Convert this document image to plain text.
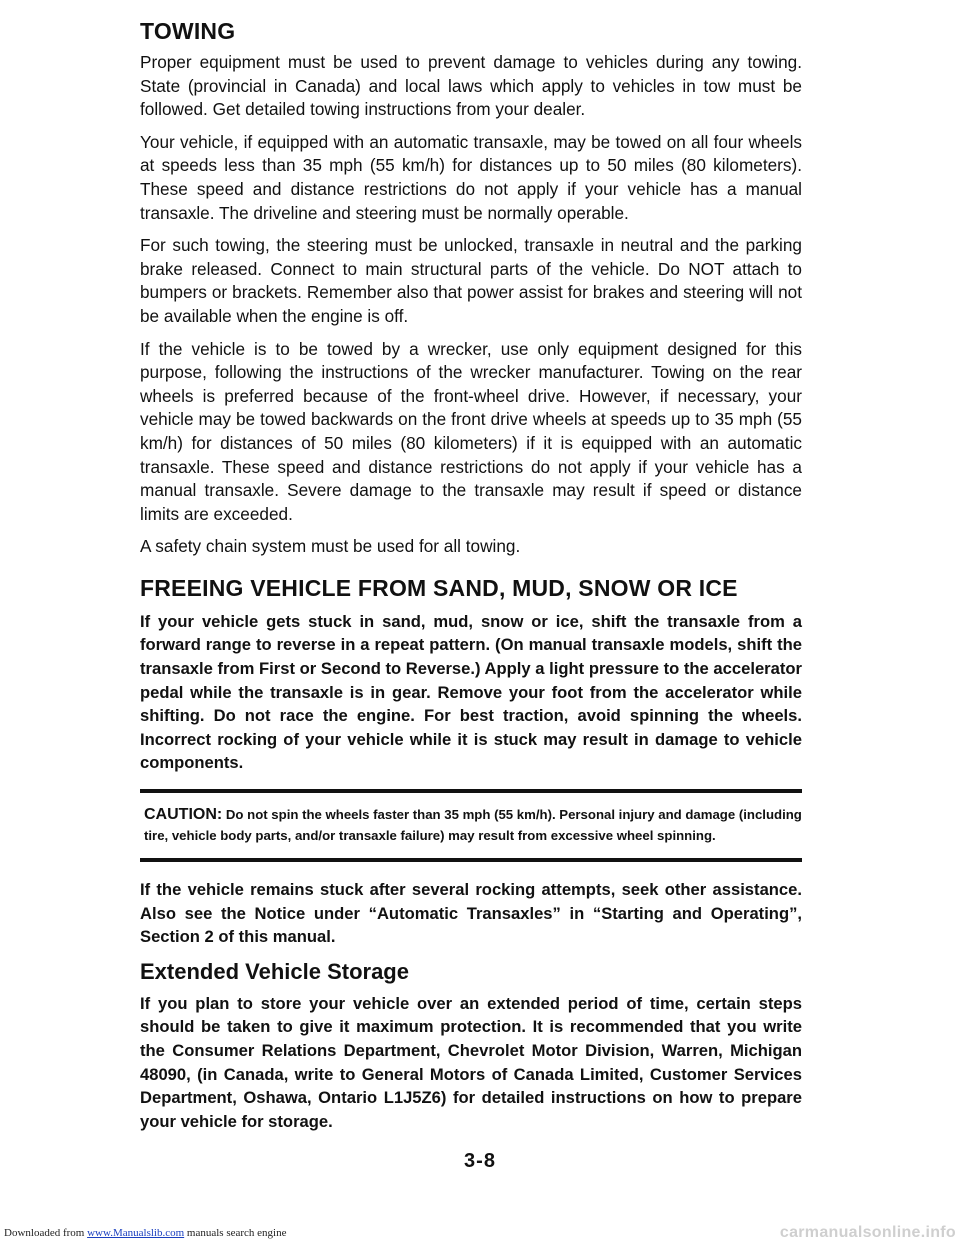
TOWING

Proper equipment must be used to prevent damage to vehicles during any towing. State (provincial in Canada) and local laws which apply to vehicles in tow must be followed. Get detailed towing instructions from your dealer.

Your vehicle, if equipped with an automatic transaxle, may be towed on all four wheels at speeds less than 35 mph (55 km/h) for distances up to 50 miles (80 kilometers). These speed and distance restrictions do not apply if your vehicle has a manual transaxle. The driveline and steering must be normally operable.

For such towing, the steering must be unlocked, transaxle in neutral and the parking brake released. Connect to main structural parts of the vehicle. Do NOT attach to bumpers or brackets. Remember also that power assist for brakes and steering will not be available when the engine is off.

If the vehicle is to be towed by a wrecker, use only equipment designed for this purpose, following the instructions of the wrecker manufacturer. Towing on the rear wheels is preferred because of the front-wheel drive. However, if necessary, your vehicle may be towed backwards on the front drive wheels at speeds up to 35 mph (55 km/h) for distances of 50 miles (80 kilometers) if it is equipped with an automatic transaxle. These speed and distance restrictions do not apply if your vehicle has a manual transaxle. Severe damage to the transaxle may result if speed or distance limits are exceeded.

A safety chain system must be used for all towing.

FREEING VEHICLE FROM SAND, MUD, SNOW OR ICE

If your vehicle gets stuck in sand, mud, snow or ice, shift the transaxle from a forward range to reverse in a repeat pattern. (On manual transaxle models, shift the transaxle from First or Second to Reverse.) Apply a light pressure to the accelerator pedal while the transaxle is in gear. Remove your foot from the accelerator while shifting. Do not race the engine. For best traction, avoid spinning the wheels. Incorrect rocking of your vehicle while it is stuck may result in damage to vehicle components.

CAUTION: Do not spin the wheels faster than 35 mph (55 km/h). Personal injury and damage (including tire, vehicle body parts, and/or transaxle failure) may result from excessive wheel spinning.

If the vehicle remains stuck after several rocking attempts, seek other assistance. Also see the Notice under “Automatic Transaxles” in “Starting and Operating”, Section 2 of this manual.

Extended Vehicle Storage

If you plan to store your vehicle over an extended period of time, certain steps should be taken to give it maximum protection. It is recommended that you write the Consumer Relations Department, Chevrolet Motor Division, Warren, Michigan 48090, (in Canada, write to General Motors of Canada Limited, Customer Services Department, Oshawa, Ontario L1J5Z6) for detailed instructions on how to prepare your vehicle for storage.

3-8
Downloaded from www.Manualslib.com manuals search engine	carmanualsonline.info
